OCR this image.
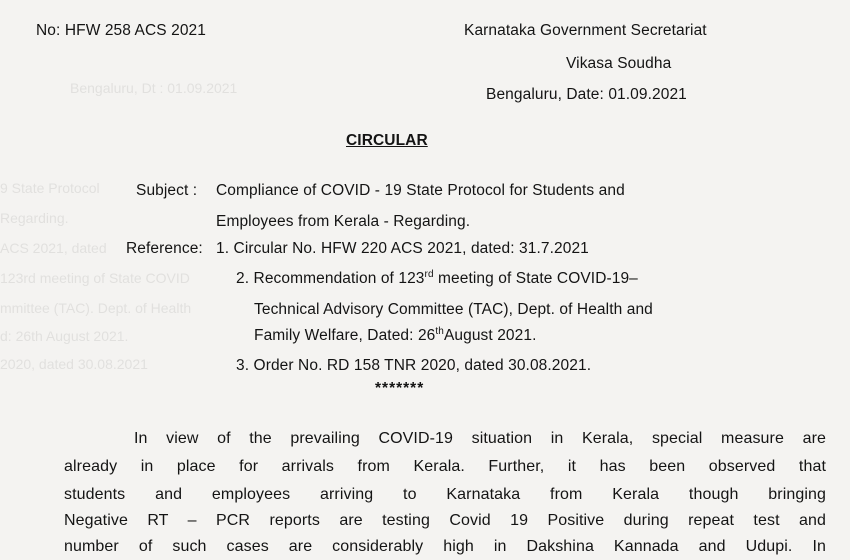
Bengaluru, Dt : 01.09.2021
9 State Protocol
Regarding.
ACS 2021, dated
123rd meeting of State COVID
mmittee (TAC). Dept. of Health
d: 26th August 2021.
2020, dated 30.08.2021
No: HFW 258 ACS 2021	Karnataka Government Secretariat
Vikasa Soudha
Bengaluru, Date: 01.09.2021
CIRCULAR
Subject : Compliance of COVID - 19 State Protocol for Students and
Employees from Kerala - Regarding.
Reference: 1. Circular No. HFW 220 ACS 2021, dated: 31.7.2021
2. Recommendation of 123rd meeting of State COVID-19–
Technical Advisory Committee (TAC), Dept. of Health and
Family Welfare, Dated: 26thAugust 2021.
3. Order No. RD 158 TNR 2020, dated 30.08.2021.
*******
In view of the prevailing COVID-19 situation in Kerala, special measure are
already in place for arrivals from Kerala. Further, it has been observed that
students and employees arriving to Karnataka from Kerala though bringing
Negative RT – PCR reports are testing Covid 19 Positive during repeat test and
number of such cases are considerably high in Dakshina Kannada and Udupi. In
